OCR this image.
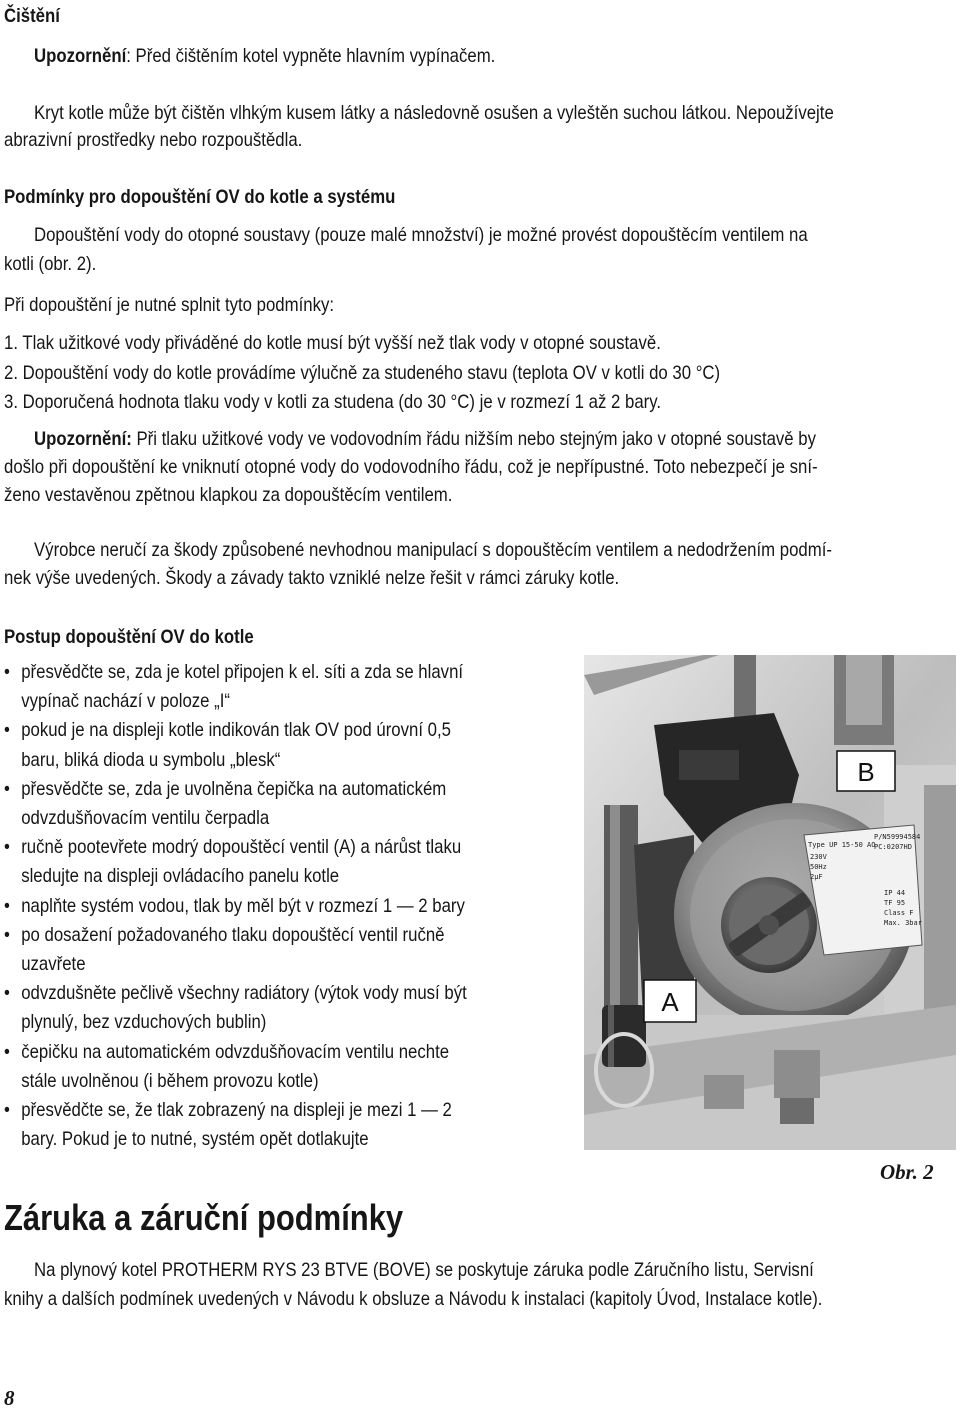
Čištění
Upozornění: Před čištěním kotel vypněte hlavním vypínačem.
Kryt kotle může být čištěn vlhkým kusem látky a následovně osušen a vyleštěn suchou látkou. Nepoužívejte
abrazivní prostředky nebo rozpouštědla.
Podmínky pro dopouštění OV do kotle a systému
Dopouštění vody do otopné soustavy (pouze malé množství) je možné provést dopouštěcím ventilem na
kotli (obr. 2).
Při dopouštění je nutné splnit tyto podmínky:
1. Tlak užitkové vody přiváděné do kotle musí být vyšší než tlak vody v otopné soustavě.
2. Dopouštění vody do kotle provádíme výlučně za studeného stavu (teplota OV v kotli do 30 °C)
3. Doporučená hodnota tlaku vody v kotli za studena (do 30 °C) je v rozmezí 1 až 2 bary.
Upozornění: Při tlaku užitkové vody ve vodovodním řádu nižším nebo stejným jako v otopné soustavě by
došlo při dopouštění ke vniknutí otopné vody do vodovodního řádu, což je nepřípustné. Toto nebezpečí je sní-
ženo vestavěnou zpětnou klapkou za dopouštěcím ventilem.
Výrobce neručí za škody způsobené nevhodnou manipulací s dopouštěcím ventilem a nedodržením podmí-
nek výše uvedených. Škody a závady takto vzniklé nelze řešit v rámci záruky kotle.
Postup dopouštění OV do kotle
• přesvědčte se, zda je kotel připojen k el. síti a zda se hlavní
vypínač nachází v poloze „I“
• pokud je na displeji kotle indikován tlak OV pod úrovní 0,5
baru, bliká dioda u symbolu „blesk“
• přesvědčte se, zda je uvolněna čepička na automatickém
odvzdušňovacím ventilu čerpadla
• ručně pootevřete modrý dopouštěcí ventil (A) a nárůst tlaku
sledujte na displeji ovládacího panelu kotle
• naplňte systém vodou, tlak by měl být v rozmezí 1 — 2 bary
• po dosažení požadovaného tlaku dopouštěcí ventil ručně
uzavřete
• odvzdušněte pečlivě všechny radiátory (výtok vody musí být
plynulý, bez vzduchových bublin)
• čepičku na automatickém odvzdušňovacím ventilu nechte
stále uvolněnou (i během provozu kotle)
• přesvědčte se, že tlak zobrazený na displeji je mezi 1 — 2
bary. Pokud je to nutné, systém opět dotlakujte
Type UP 15-50 AO
230V
50Hz
2µF
P/N59994584
PC:0207HD
IP 44
TF 95
Class F
Max. 3bar
B
A
Obr. 2
Záruka a záruční podmínky
Na plynový kotel PROTHERM RYS 23 BTVE (BOVE) se poskytuje záruka podle Záručního listu, Servisní
knihy a dalších podmínek uvedených v Návodu k obsluze a Návodu k instalaci (kapitoly Úvod, Instalace kotle).
8
